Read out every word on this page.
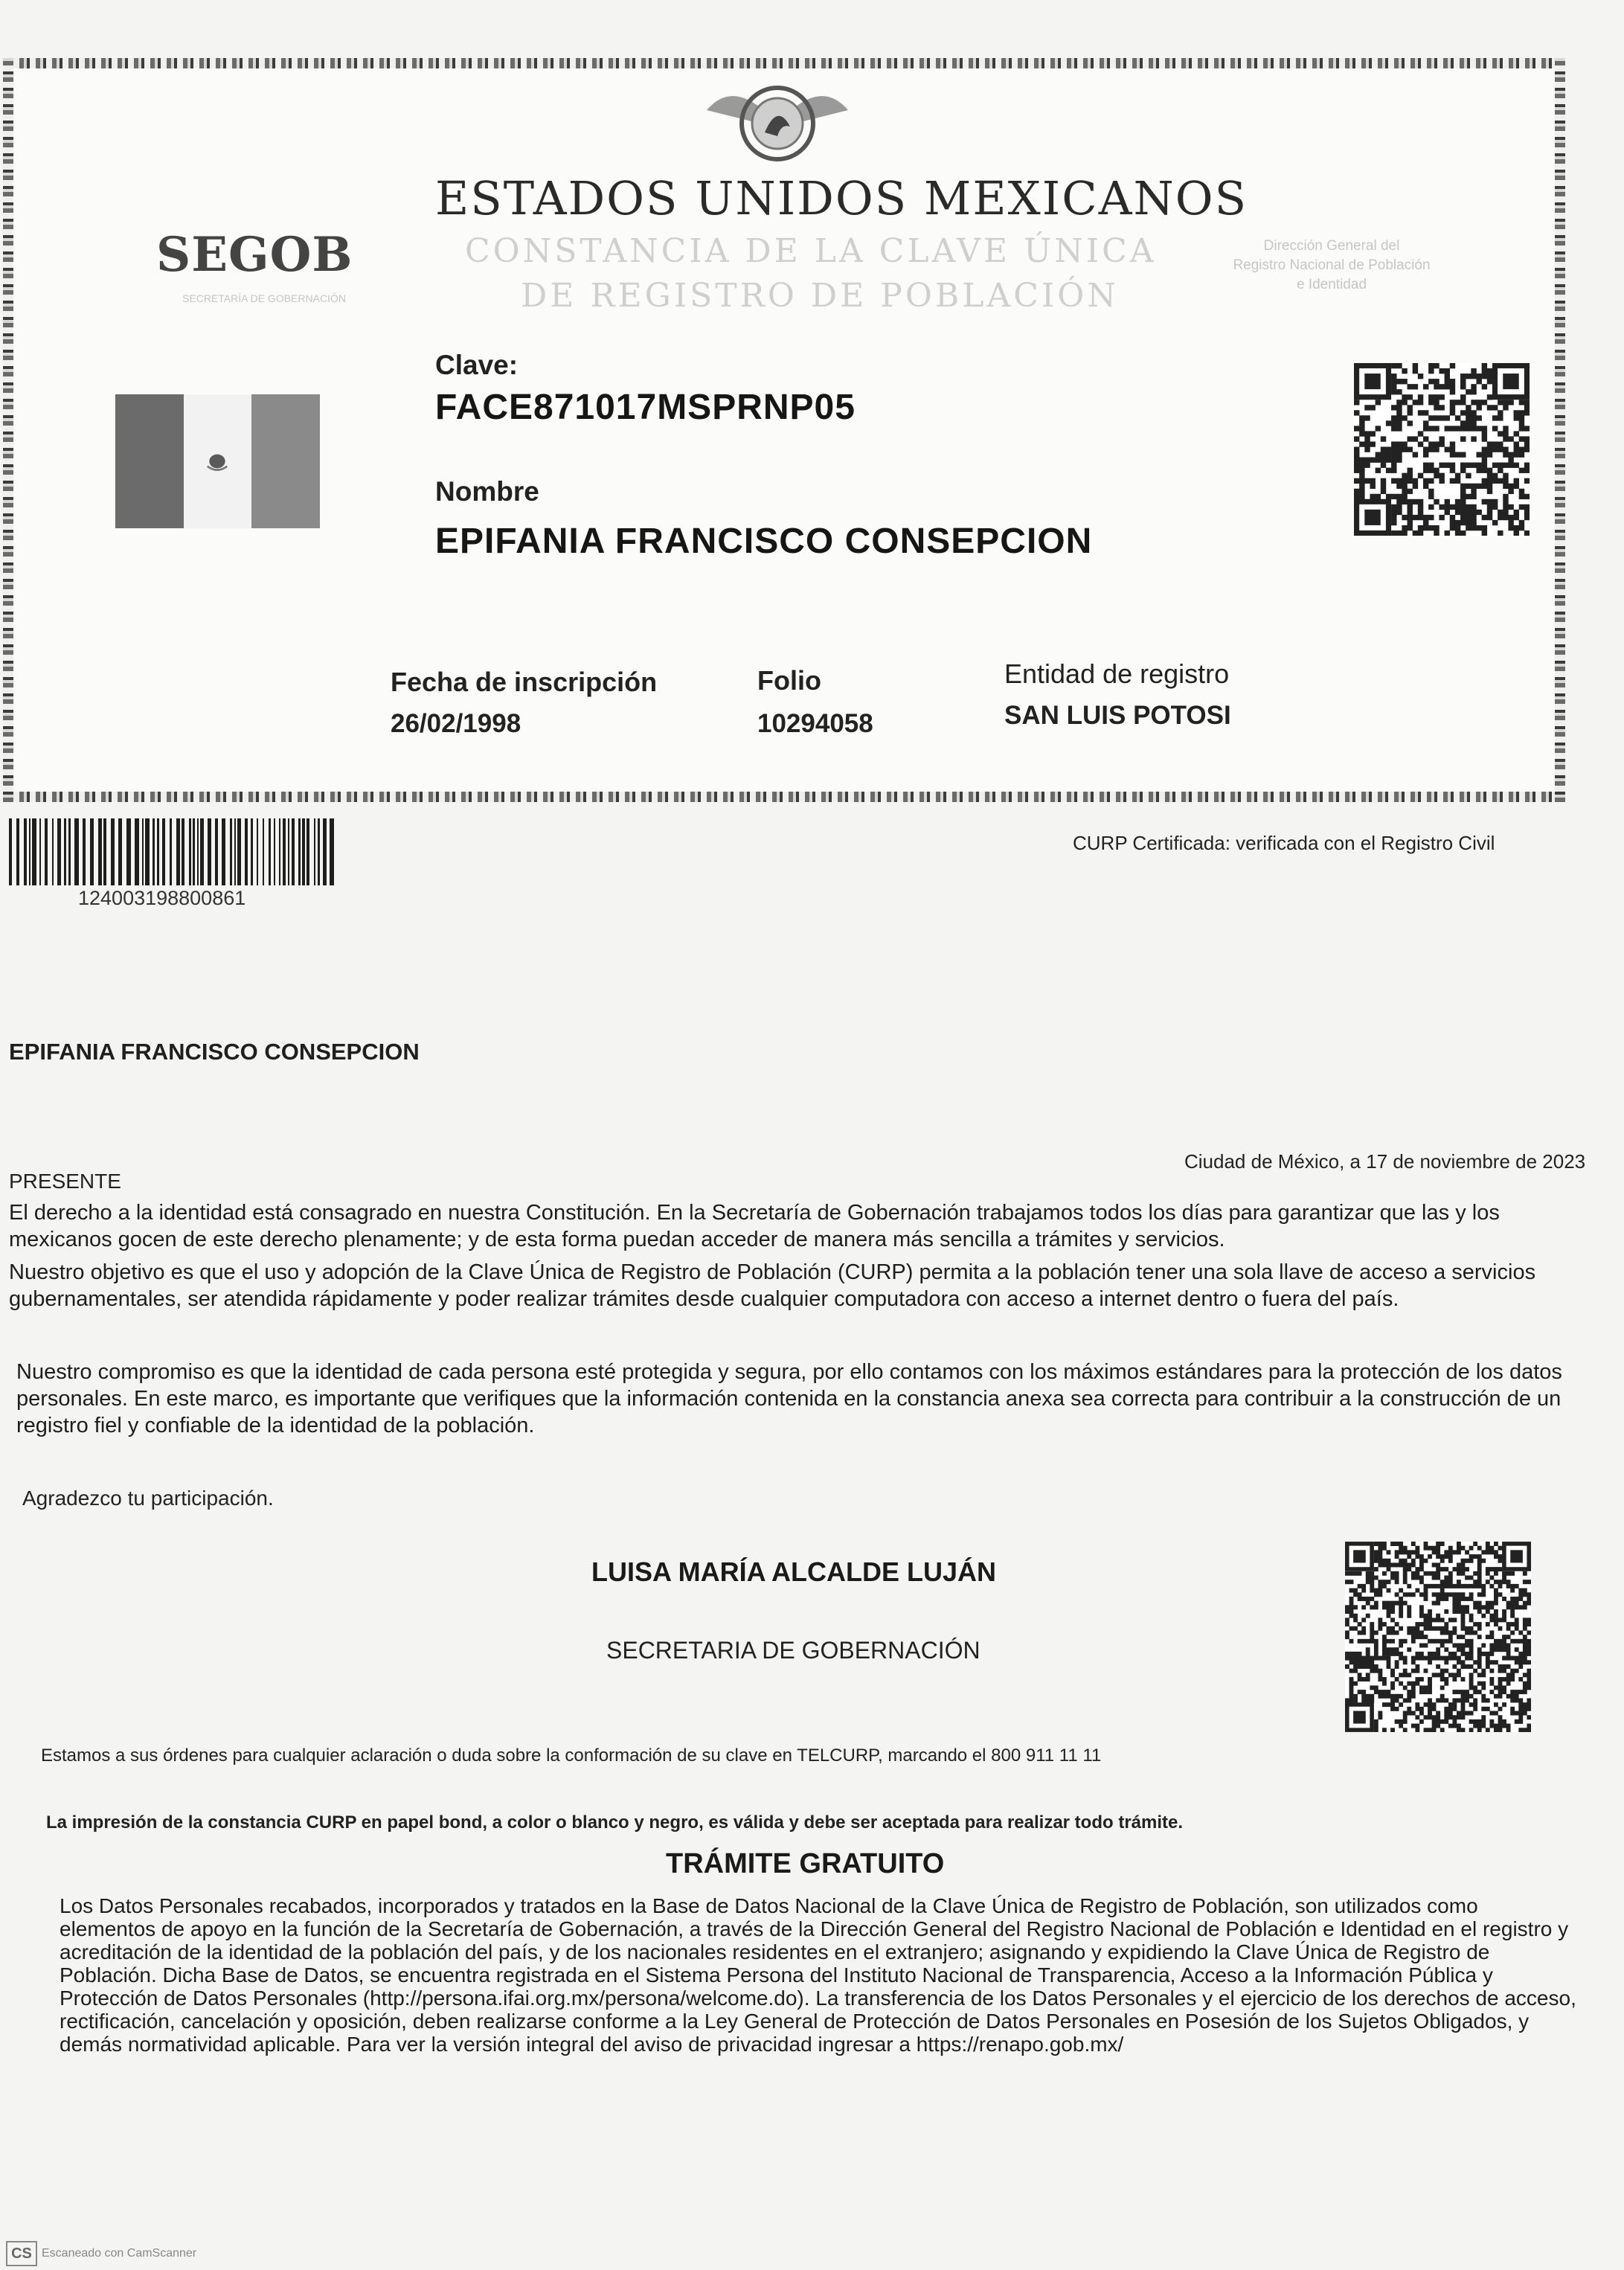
ESTADOS UNIDOS MEXICANOS
CONSTANCIA DE LA CLAVE ÚNICA
DE REGISTRO DE POBLACIÓN
SEGOB
SECRETARÍA DE GOBERNACIÓN
Dirección General del
Registro Nacional de Población
e Identidad
Clave:
FACE871017MSPRNP05
Nombre
EPIFANIA FRANCISCO CONSEPCION
Fecha de inscripción
26/02/1998
Folio
10294058
Entidad de registro
SAN LUIS POTOSI
124003198800861
CURP Certificada: verificada con el Registro Civil
EPIFANIA FRANCISCO CONSEPCION
PRESENTE
Ciudad de México, a 17 de noviembre de 2023
El derecho a la identidad está consagrado en nuestra Constitución. En la Secretaría de Gobernación trabajamos todos los días para garantizar que las y los mexicanos gocen de este derecho plenamente; y de esta forma puedan acceder de manera más sencilla a trámites y servicios.
Nuestro objetivo es que el uso y adopción de la Clave Única de Registro de Población (CURP) permita a la población tener una sola llave de acceso a servicios gubernamentales, ser atendida rápidamente y poder realizar trámites desde cualquier computadora con acceso a internet dentro o fuera del país.
Nuestro compromiso es que la identidad de cada persona esté protegida y segura, por ello contamos con los máximos estándares para la protección de los datos personales. En este marco, es importante que verifiques que la información contenida en la constancia anexa sea correcta para contribuir a la construcción de un registro fiel y confiable de la identidad de la población.
Agradezco tu participación.
LUISA MARÍA ALCALDE LUJÁN
SECRETARIA DE GOBERNACIÓN
Estamos a sus órdenes para cualquier aclaración o duda sobre la conformación de su clave en TELCURP, marcando el 800 911 11 11
La impresión de la constancia CURP en papel bond, a color o blanco y negro, es válida y debe ser aceptada para realizar todo trámite.
TRÁMITE GRATUITO
Los Datos Personales recabados, incorporados y tratados en la Base de Datos Nacional de la Clave Única de Registro de Población, son utilizados como elementos de apoyo en la función de la Secretaría de Gobernación, a través de la Dirección General del Registro Nacional de Población e Identidad en el registro y acreditación de la identidad de la población del país, y de los nacionales residentes en el extranjero; asignando y expidiendo la Clave Única de Registro de Población. Dicha Base de Datos, se encuentra registrada en el Sistema Persona del Instituto Nacional de Transparencia, Acceso a la Información Pública y Protección de Datos Personales (http://persona.ifai.org.mx/persona/welcome.do). La transferencia de los Datos Personales y el ejercicio de los derechos de acceso, rectificación, cancelación y oposición, deben realizarse conforme a la Ley General de Protección de Datos Personales en Posesión de los Sujetos Obligados, y demás normatividad aplicable. Para ver la versión integral del aviso de privacidad ingresar a https://renapo.gob.mx/
CS Escaneado con CamScanner
